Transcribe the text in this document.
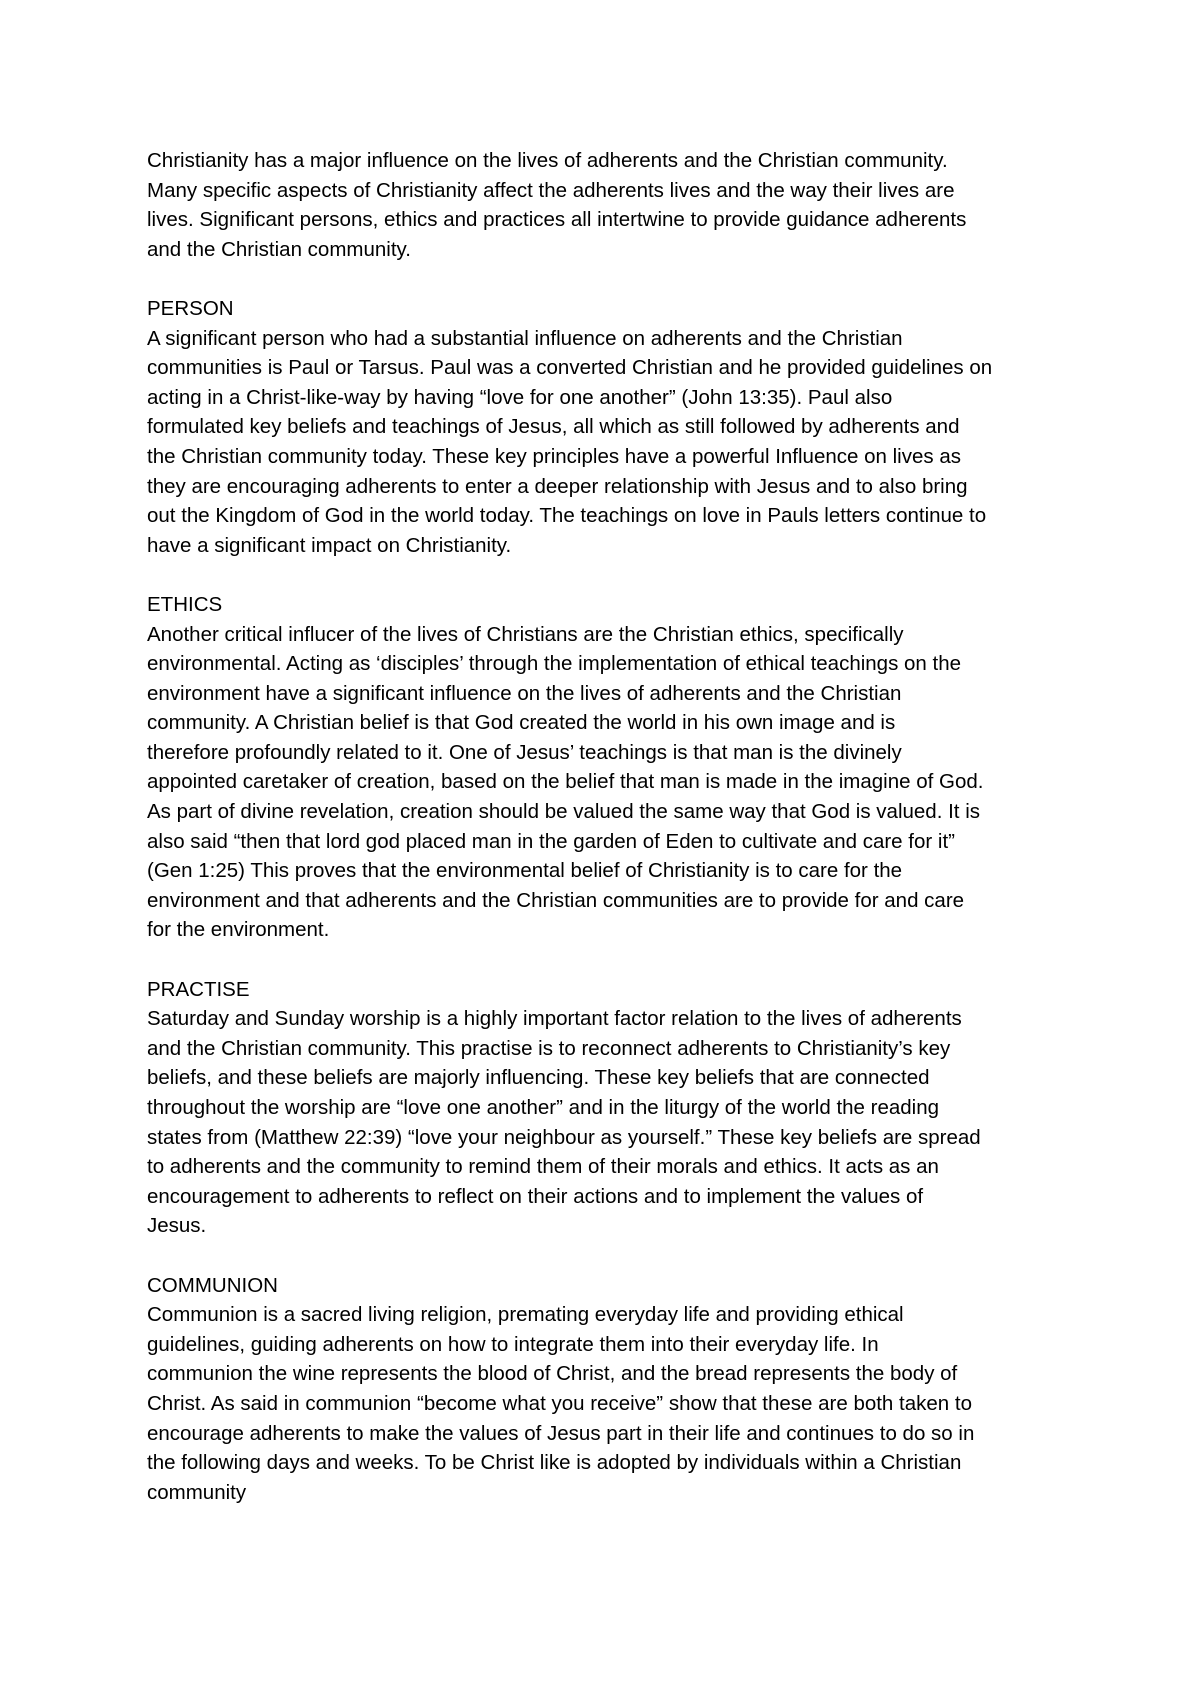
Christianity has a major influence on the lives of adherents and the Christian community.
Many specific aspects of Christianity affect the adherents lives and the way their lives are
lives. Significant persons, ethics and practices all intertwine to provide guidance adherents
and the Christian community.
PERSON
A significant person who had a substantial influence on adherents and the Christian
communities is Paul or Tarsus. Paul was a converted Christian and he provided guidelines on
acting in a Christ-like-way by having “love for one another” (John 13:35). Paul also
formulated key beliefs and teachings of Jesus, all which as still followed by adherents and
the Christian community today. These key principles have a powerful Influence on lives as
they are encouraging adherents to enter a deeper relationship with Jesus and to also bring
out the Kingdom of God in the world today. The teachings on love in Pauls letters continue to
have a significant impact on Christianity.
ETHICS
Another critical influcer of the lives of Christians are the Christian ethics, specifically
environmental. Acting as ‘disciples’ through the implementation of ethical teachings on the
environment have a significant influence on the lives of adherents and the Christian
community. A Christian belief is that God created the world in his own image and is
therefore profoundly related to it. One of Jesus’ teachings is that man is the divinely
appointed caretaker of creation, based on the belief that man is made in the imagine of God.
As part of divine revelation, creation should be valued the same way that God is valued. It is
also said “then that lord god placed man in the garden of Eden to cultivate and care for it”
(Gen 1:25) This proves that the environmental belief of Christianity is to care for the
environment and that adherents and the Christian communities are to provide for and care
for the environment.
PRACTISE
Saturday and Sunday worship is a highly important factor relation to the lives of adherents
and the Christian community. This practise is to reconnect adherents to Christianity’s key
beliefs, and these beliefs are majorly influencing. These key beliefs that are connected
throughout the worship are “love one another” and in the liturgy of the world the reading
states from (Matthew 22:39) “love your neighbour as yourself.” These key beliefs are spread
to adherents and the community to remind them of their morals and ethics. It acts as an
encouragement to adherents to reflect on their actions and to implement the values of
Jesus.
COMMUNION
Communion is a sacred living religion, premating everyday life and providing ethical
guidelines, guiding adherents on how to integrate them into their everyday life. In
communion the wine represents the blood of Christ, and the bread represents the body of
Christ. As said in communion “become what you receive” show that these are both taken to
encourage adherents to make the values of Jesus part in their life and continues to do so in
the following days and weeks. To be Christ like is adopted by individuals within a Christian
community
